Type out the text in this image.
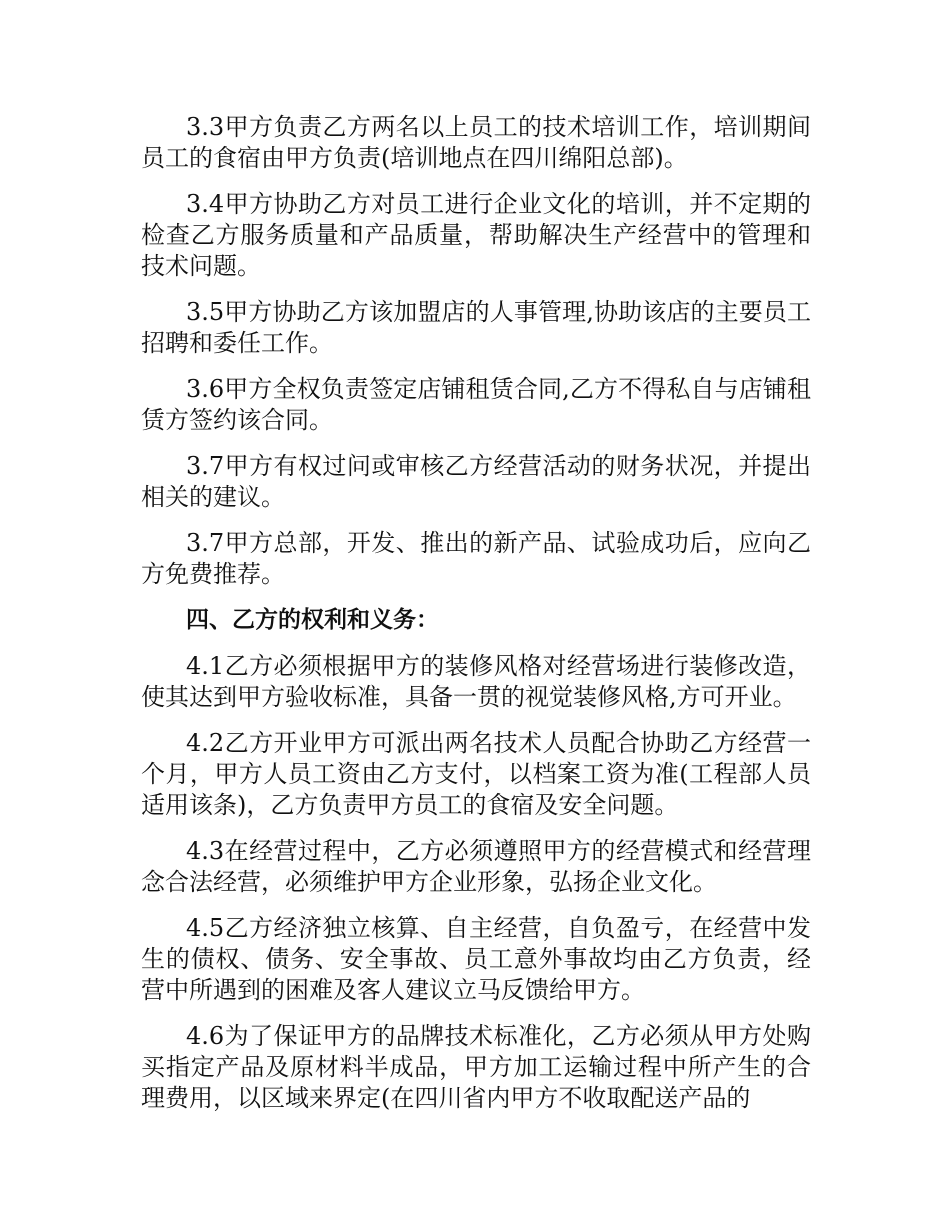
3.3甲方负责乙方两名以上员工的技术培训工作，培训期间员工的食宿由甲方负责(培训地点在四川绵阳总部)。

3.4甲方协助乙方对员工进行企业文化的培训，并不定期的检查乙方服务质量和产品质量，帮助解决生产经营中的管理和技术问题。

3.5甲方协助乙方该加盟店的人事管理,协助该店的主要员工招聘和委任工作。

3.6甲方全权负责签定店铺租赁合同,乙方不得私自与店铺租赁方签约该合同。

3.7甲方有权过问或审核乙方经营活动的财务状况，并提出相关的建议。

3.7甲方总部，开发、推出的新产品、试验成功后，应向乙方免费推荐。

四、乙方的权利和义务：

4.1乙方必须根据甲方的装修风格对经营场进行装修改造，使其达到甲方验收标准，具备一贯的视觉装修风格,方可开业。

4.2乙方开业甲方可派出两名技术人员配合协助乙方经营一个月，甲方人员工资由乙方支付，以档案工资为准(工程部人员适用该条)，乙方负责甲方员工的食宿及安全问题。

4.3在经营过程中，乙方必须遵照甲方的经营模式和经营理念合法经营，必须维护甲方企业形象，弘扬企业文化。

4.5乙方经济独立核算、自主经营，自负盈亏，在经营中发生的债权、债务、安全事故、员工意外事故均由乙方负责，经营中所遇到的困难及客人建议立马反馈给甲方。

4.6为了保证甲方的品牌技术标准化，乙方必须从甲方处购买指定产品及原材料半成品，甲方加工运输过程中所产生的合理费用，以区域来界定(在四川省内甲方不收取配送产品的
